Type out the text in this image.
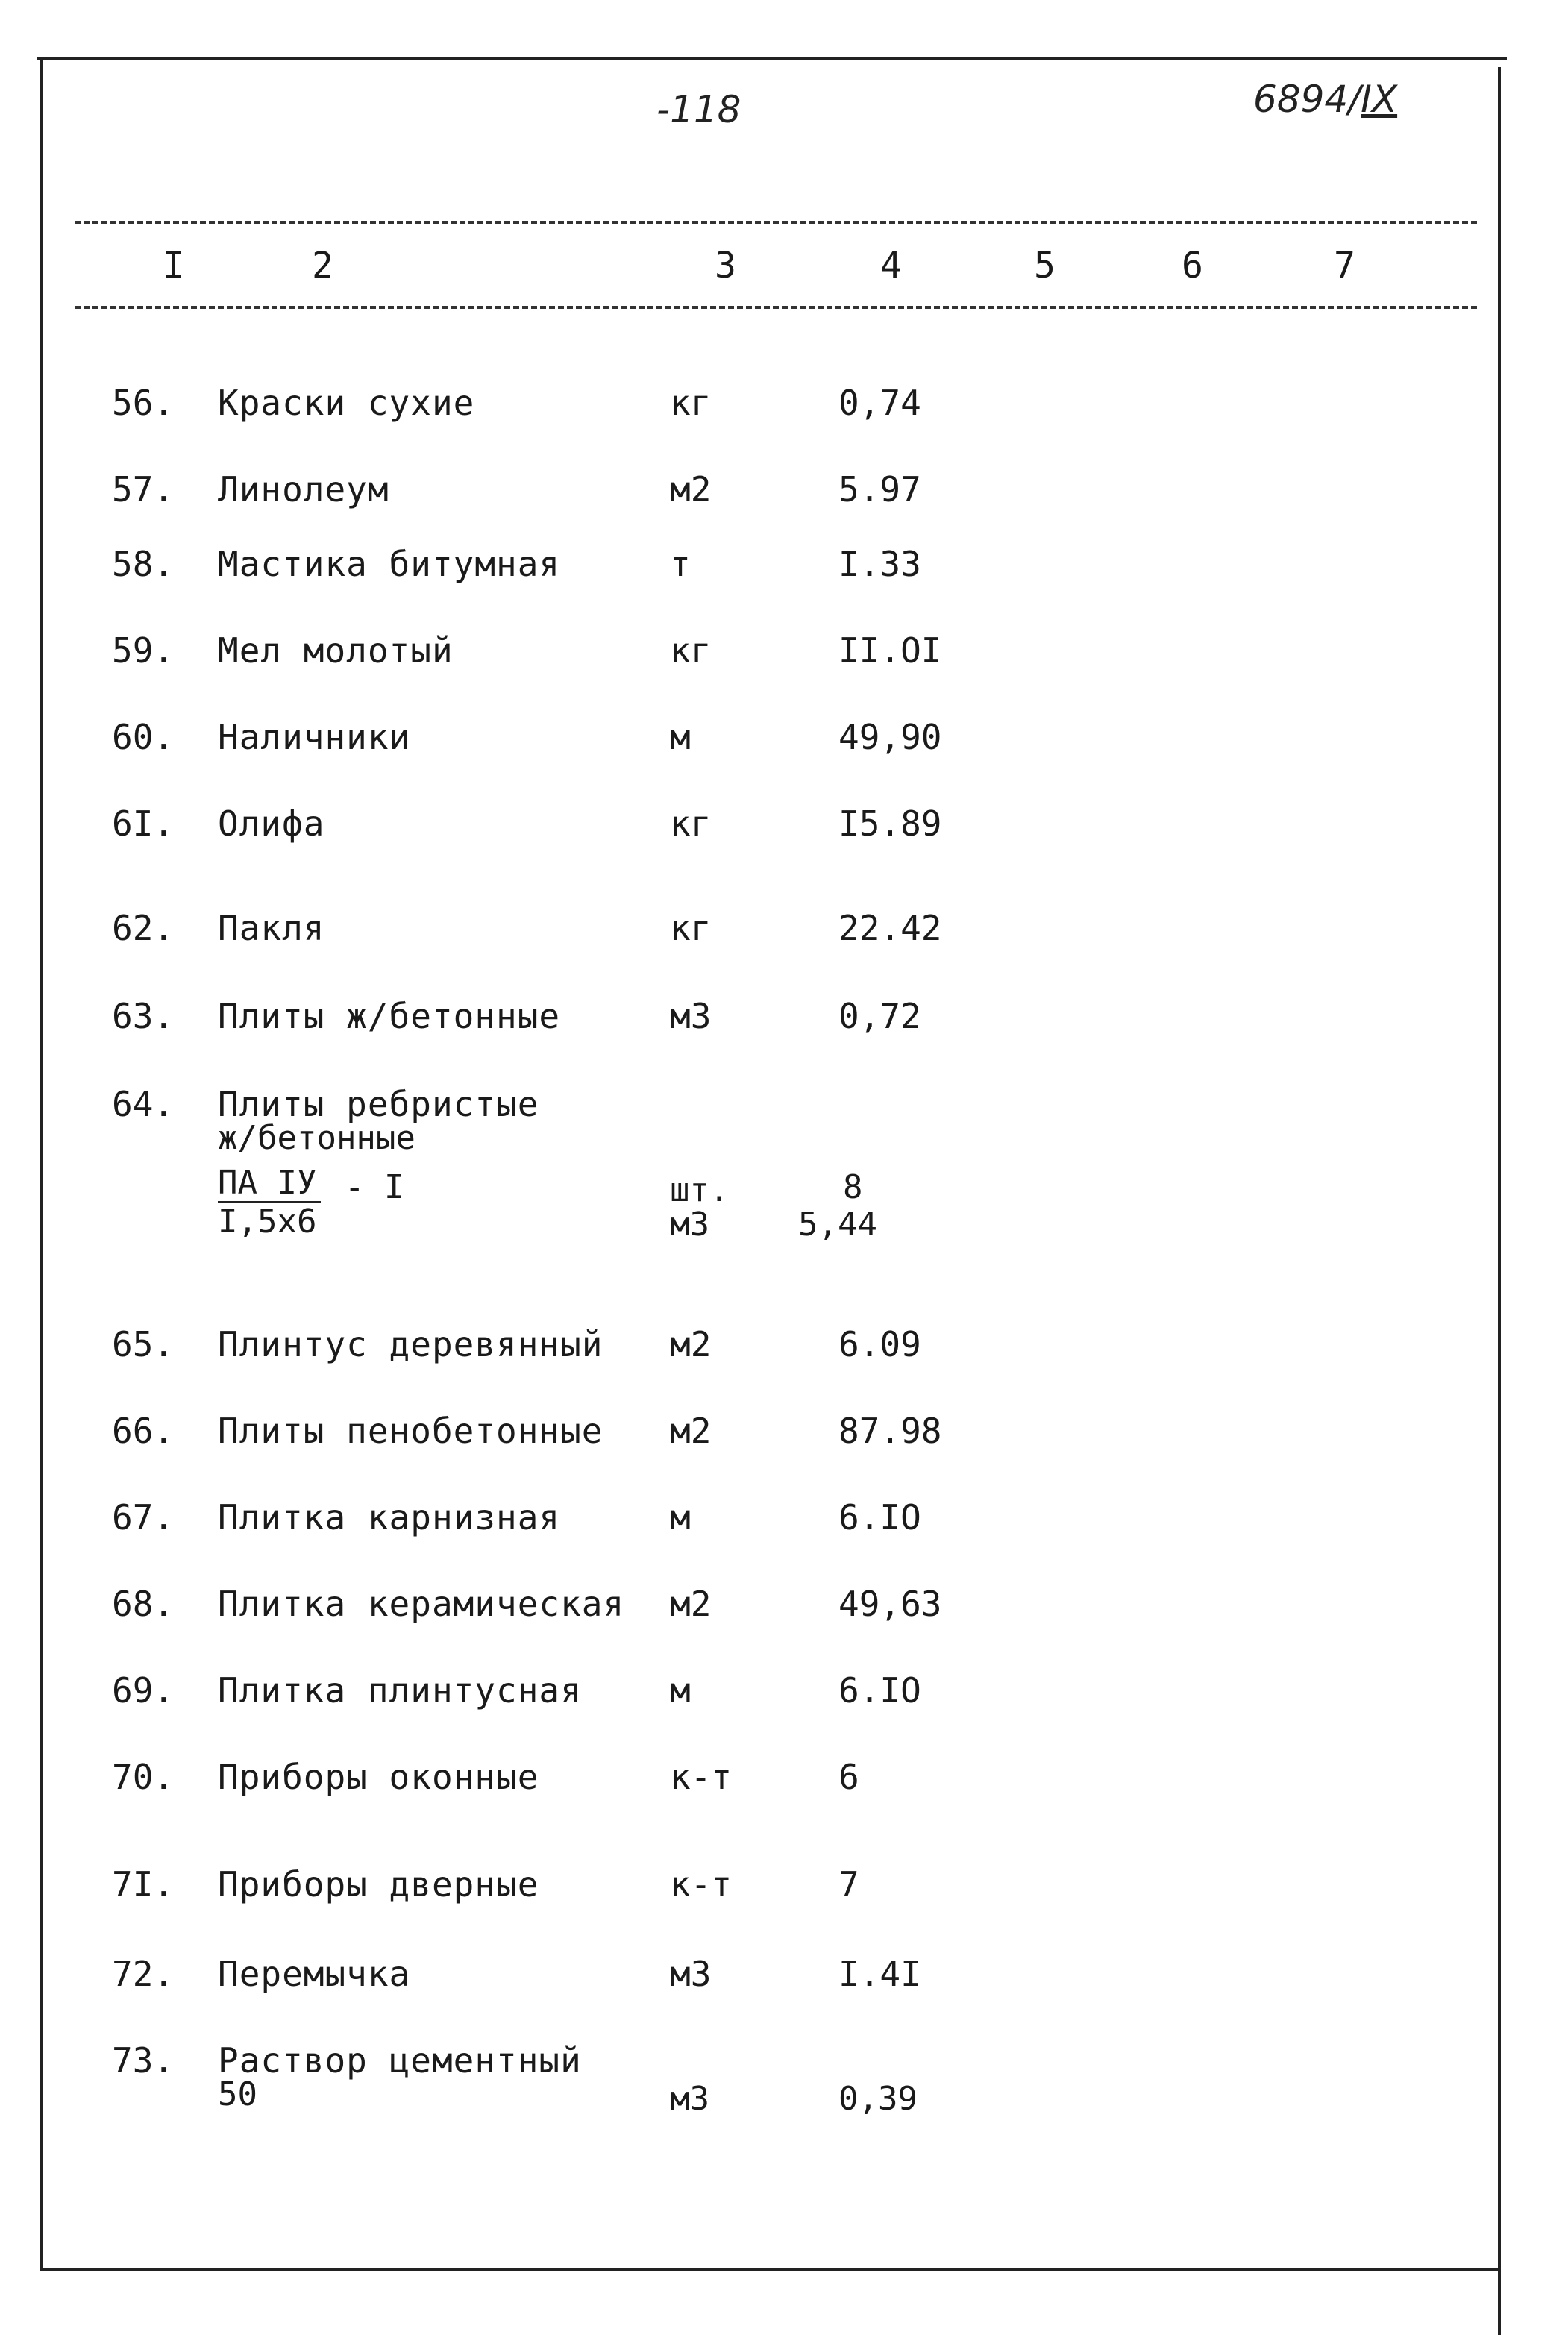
-118	6894/IX
I	2	3	4	5	6	7
56. Краски сухие	кг	0,74
57. Линолеум	м2	5.97
58. Мастика битумная	т	I.33
59. Мел молотый	кг	II.OI
60. Наличники	м	49,90
6I. Олифа	кг	I5.89
62. Пакля	кг	22.42
63. Плиты ж/бетонные	м3	0,72
64. Плиты ребристые
ж/бетонные
ПА IУ - I
I,5х6
шт.	8
м3	5,44
65. Плинтус деревянный м2	6.09
66. Плиты пенобетонные м2	87.98
67. Плитка карнизная	м	6.IO
68. Плитка керамическая м2	49,63
69. Плитка плинтусная	м	6.IO
70. Приборы оконные	к-т	6
7I. Приборы дверные	к-т	7
72. Перемычка	м3	I.4I
73. Раствор цементный
50	м3	0,39
